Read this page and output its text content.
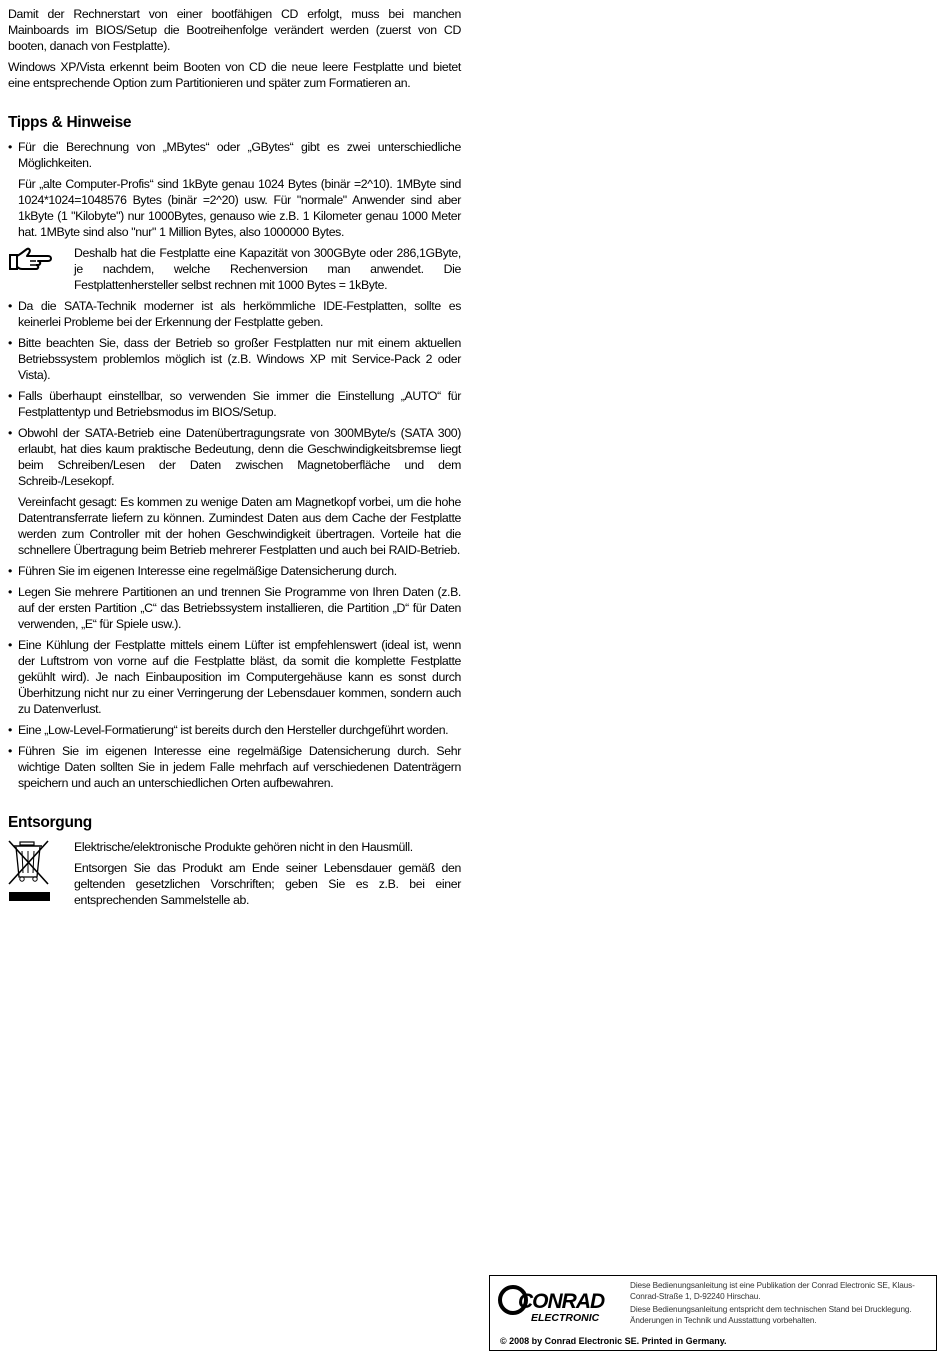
Damit der Rechnerstart von einer bootfähigen CD erfolgt, muss bei manchen Mainboards im BIOS/Setup die Bootreihenfolge verändert werden (zuerst von CD booten, danach von Festplatte).

Windows XP/Vista erkennt beim Booten von CD die neue leere Festplatte und bietet eine entsprechende Option zum Partitionieren und später zum Formatieren an.

Tipps & Hinweise

• Für die Berechnung von „MBytes“ oder „GBytes“ gibt es zwei unterschiedliche Möglichkeiten.

Für „alte Computer-Profis“ sind 1kByte genau 1024 Bytes (binär =2^10). 1MByte sind 1024*1024=1048576 Bytes (binär =2^20) usw. Für "normale" Anwender sind aber 1kByte (1 "Kilobyte") nur 1000Bytes, genauso wie z.B. 1 Kilometer genau 1000 Meter hat. 1MByte sind also "nur" 1 Million Bytes, also 1000000 Bytes.

Deshalb hat die Festplatte eine Kapazität von 300GByte oder 286,1GByte, je nachdem, welche Rechenversion man anwendet. Die Festplattenhersteller selbst rechnen mit 1000 Bytes = 1kByte.

• Da die SATA-Technik moderner ist als herkömmliche IDE-Festplatten, sollte es keinerlei Probleme bei der Erkennung der Festplatte geben.

• Bitte beachten Sie, dass der Betrieb so großer Festplatten nur mit einem aktuellen Betriebssystem problemlos möglich ist (z.B. Windows XP mit Service-Pack 2 oder Vista).

• Falls überhaupt einstellbar, so verwenden Sie immer die Einstellung „AUTO“ für Festplattentyp und Betriebsmodus im BIOS/Setup.

• Obwohl der SATA-Betrieb eine Datenübertragungsrate von 300MByte/s (SATA 300) erlaubt, hat dies kaum praktische Bedeutung, denn die Geschwindigkeitsbremse liegt beim Schreiben/Lesen der Daten zwischen Magnetoberfläche und dem Schreib-/Lesekopf.

Vereinfacht gesagt: Es kommen zu wenige Daten am Magnetkopf vorbei, um die hohe Datentransferrate liefern zu können. Zumindest Daten aus dem Cache der Festplatte werden zum Controller mit der hohen Geschwindigkeit übertragen. Vorteile hat die schnellere Übertragung beim Betrieb mehrerer Festplatten und auch bei RAID-Betrieb.

• Führen Sie im eigenen Interesse eine regelmäßige Datensicherung durch.

• Legen Sie mehrere Partitionen an und trennen Sie Programme von Ihren Daten (z.B. auf der ersten Partition „C“ das Betriebssystem installieren, die Partition „D“ für Daten verwenden, „E“ für Spiele usw.).

• Eine Kühlung der Festplatte mittels einem Lüfter ist empfehlenswert (ideal ist, wenn der Luftstrom von vorne auf die Festplatte bläst, da somit die komplette Festplatte gekühlt wird). Je nach Einbauposition im Computergehäuse kann es sonst durch Überhitzung nicht nur zu einer Verringerung der Lebensdauer kommen, sondern auch zu Datenverlust.

• Eine „Low-Level-Formatierung“ ist bereits durch den Hersteller durchgeführt worden.

• Führen Sie im eigenen Interesse eine regelmäßige Datensicherung durch. Sehr wichtige Daten sollten Sie in jedem Falle mehrfach auf verschiedenen Datenträgern speichern und auch an unterschiedlichen Orten aufbewahren.

Entsorgung

Elektrische/elektronische Produkte gehören nicht in den Hausmüll.

Entsorgen Sie das Produkt am Ende seiner Lebensdauer gemäß den geltenden gesetzlichen Vorschriften; geben Sie es z.B. bei einer entsprechenden Sammelstelle ab.

CONRAD
ELECTRONIC

Diese Bedienungsanleitung ist eine Publikation der Conrad Electronic SE, Klaus-Conrad-Straße 1, D-92240 Hirschau.

Diese Bedienungsanleitung entspricht dem technischen Stand bei Drucklegung. Änderungen in Technik und Ausstattung vorbehalten.

© 2008 by Conrad Electronic SE. Printed in Germany.
